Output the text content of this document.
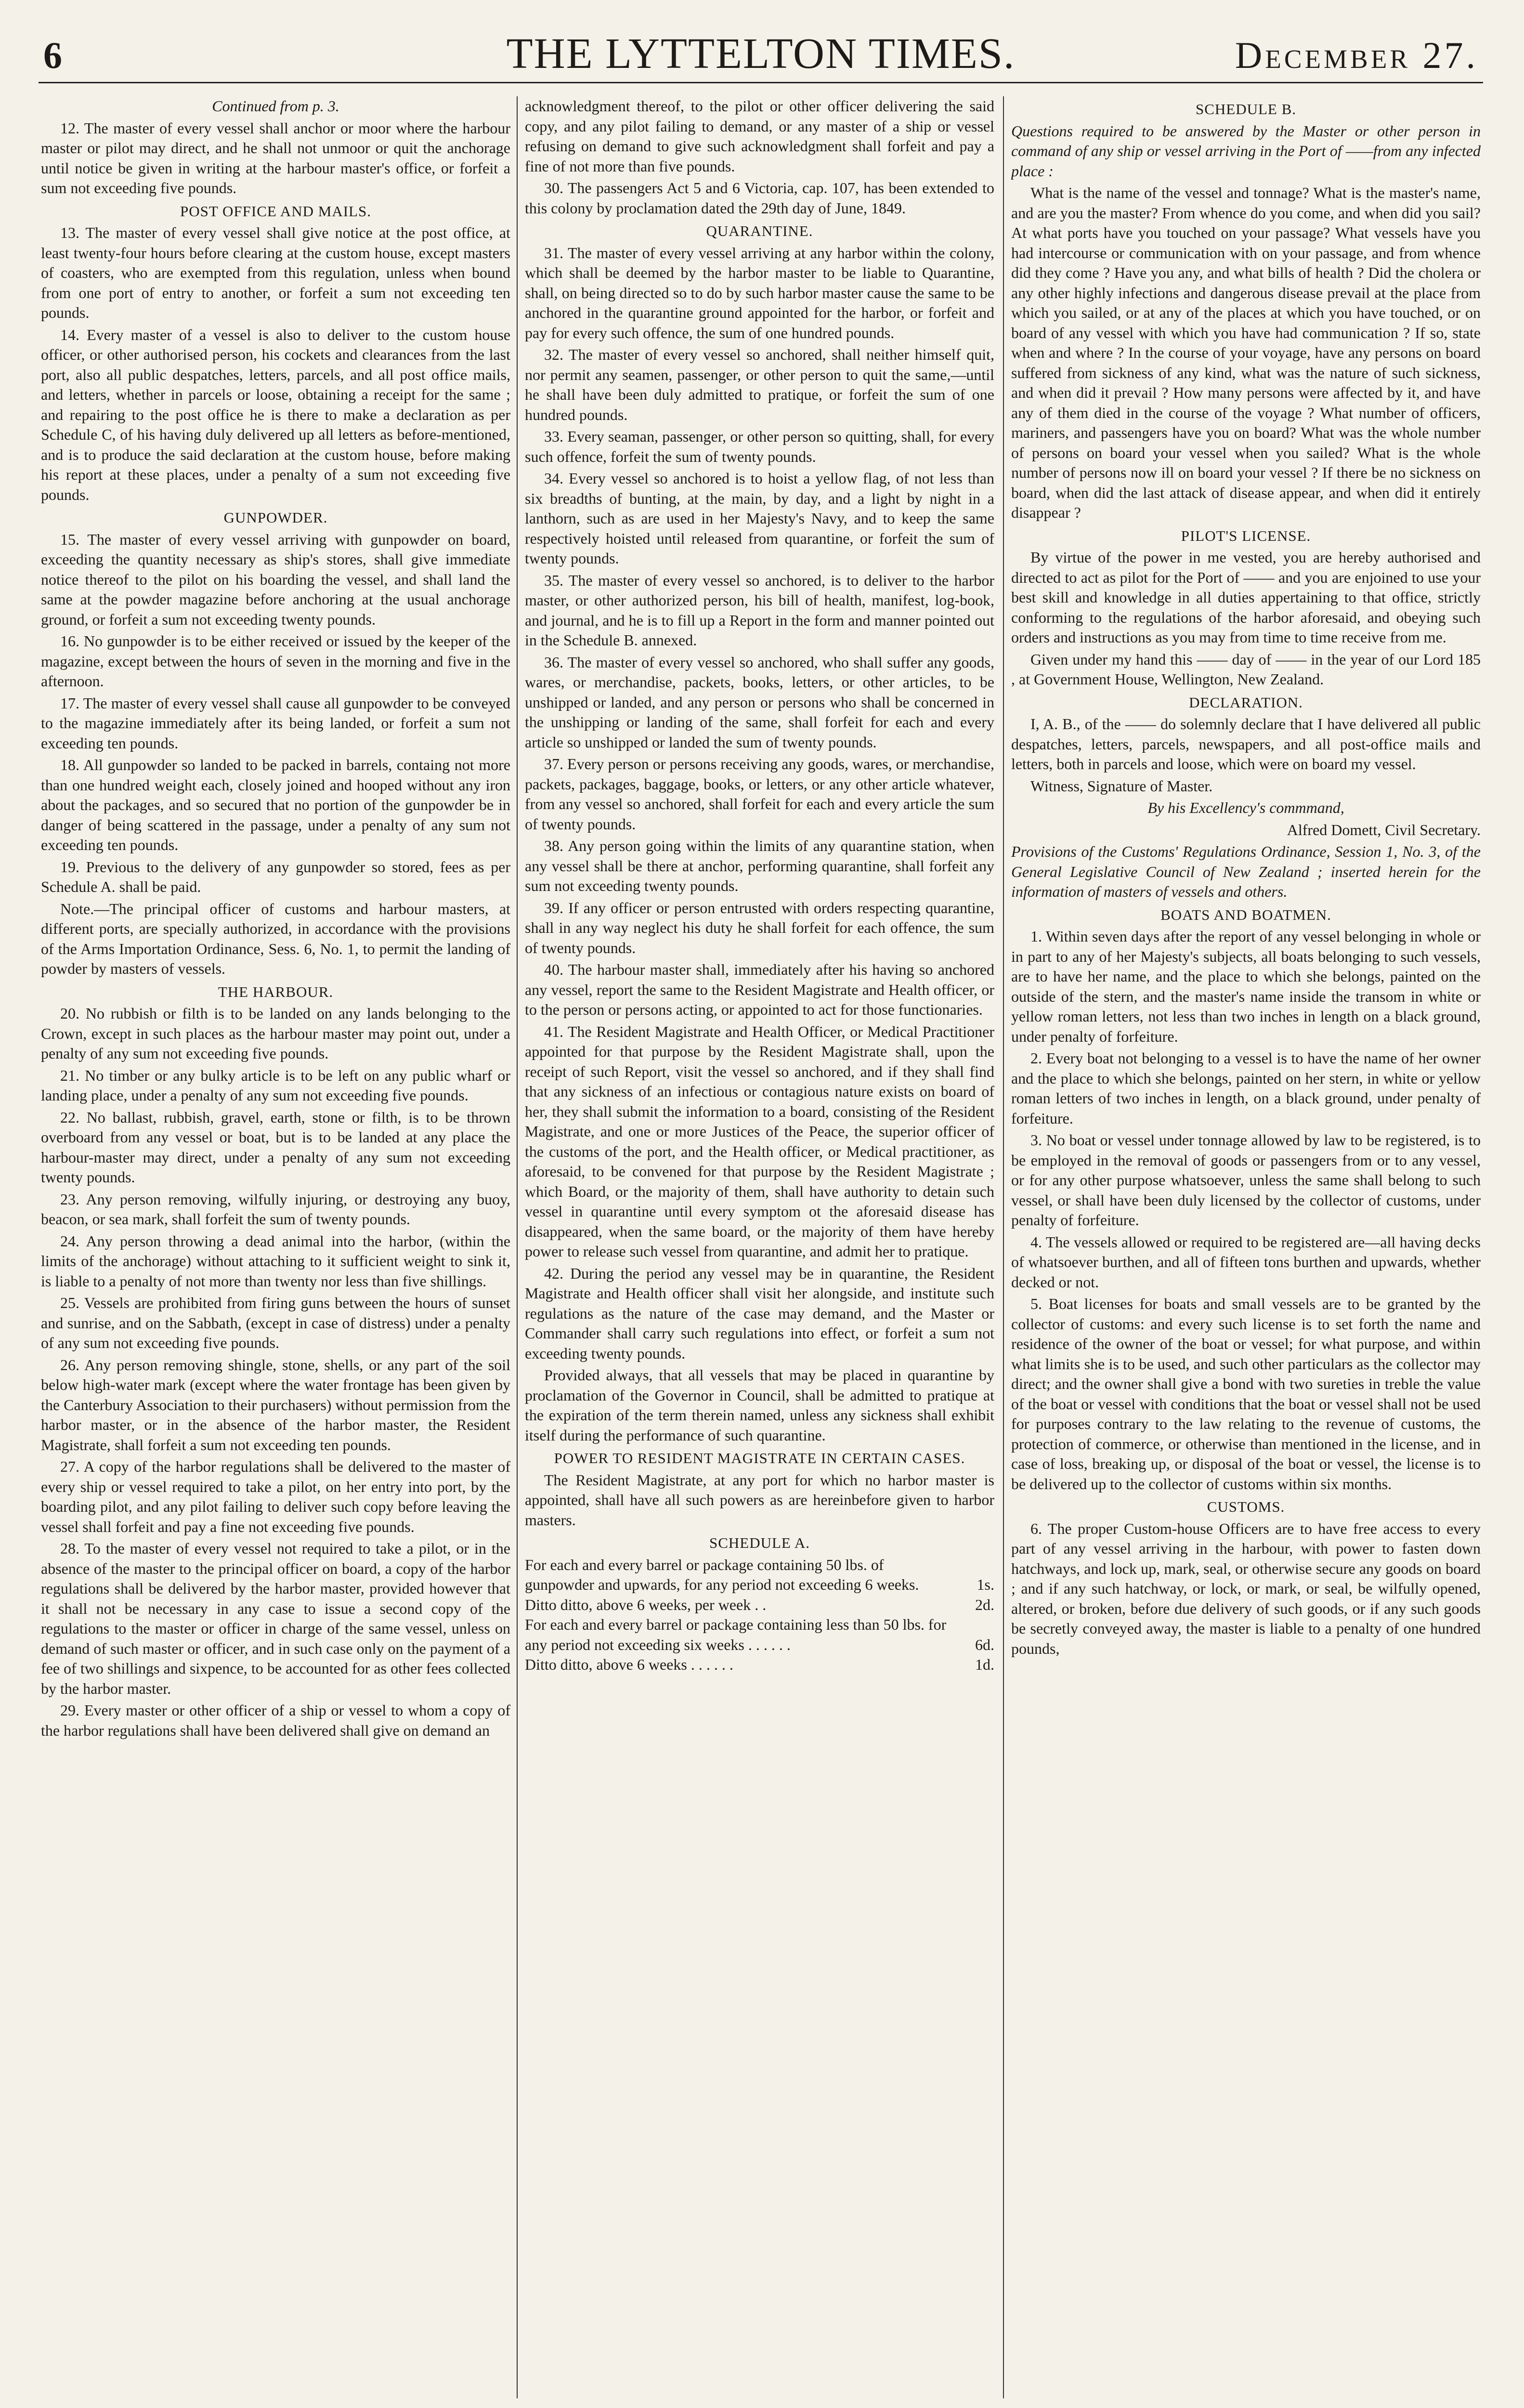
6	THE LYTTELTON TIMES.	December 27.

Continued from p. 3.

12. The master of every vessel shall anchor or moor where the harbour master or pilot may direct, and he shall not unmoor or quit the anchorage until notice be given in writing at the harbour master's office, or forfeit a sum not exceeding five pounds.

POST OFFICE AND MAILS.

13. The master of every vessel shall give notice at the post office, at least twenty-four hours before clearing at the custom house, except masters of coasters, who are exempted from this regulation, unless when bound from one port of entry to another, or forfeit a sum not exceeding ten pounds.

14. Every master of a vessel is also to deliver to the custom house officer, or other authorised person, his cockets and clearances from the last port, also all public despatches, letters, parcels, and all post office mails, and letters, whether in parcels or loose, obtaining a receipt for the same ; and repairing to the post office he is there to make a declaration as per Schedule C, of his having duly delivered up all letters as before-mentioned, and is to produce the said declaration at the custom house, before making his report at these places, under a penalty of a sum not exceeding five pounds.

GUNPOWDER.

15. The master of every vessel arriving with gunpowder on board, exceeding the quantity necessary as ship's stores, shall give immediate notice thereof to the pilot on his boarding the vessel, and shall land the same at the powder magazine before anchoring at the usual anchorage ground, or forfeit a sum not exceeding twenty pounds.

16. No gunpowder is to be either received or issued by the keeper of the magazine, except between the hours of seven in the morning and five in the afternoon.

17. The master of every vessel shall cause all gunpowder to be conveyed to the magazine immediately after its being landed, or forfeit a sum not exceeding ten pounds.

18. All gunpowder so landed to be packed in barrels, containg not more than one hundred weight each, closely joined and hooped without any iron about the packages, and so secured that no portion of the gunpowder be in danger of being scattered in the passage, under a penalty of any sum not exceeding ten pounds.

19. Previous to the delivery of any gunpowder so stored, fees as per Schedule A. shall be paid.

Note.—The principal officer of customs and harbour masters, at different ports, are specially authorized, in accordance with the provisions of the Arms Importation Ordinance, Sess. 6, No. 1, to permit the landing of powder by masters of vessels.

THE HARBOUR.

20. No rubbish or filth is to be landed on any lands belonging to the Crown, except in such places as the harbour master may point out, under a penalty of any sum not exceeding five pounds.

21. No timber or any bulky article is to be left on any public wharf or landing place, under a penalty of any sum not exceeding five pounds.

22. No ballast, rubbish, gravel, earth, stone or filth, is to be thrown overboard from any vessel or boat, but is to be landed at any place the harbour-master may direct, under a penalty of any sum not exceeding twenty pounds.

23. Any person removing, wilfully injuring, or destroying any buoy, beacon, or sea mark, shall forfeit the sum of twenty pounds.

24. Any person throwing a dead animal into the harbor, (within the limits of the anchorage) without attaching to it sufficient weight to sink it, is liable to a penalty of not more than twenty nor less than five shillings.

25. Vessels are prohibited from firing guns between the hours of sunset and sunrise, and on the Sabbath, (except in case of distress) under a penalty of any sum not exceeding five pounds.

26. Any person removing shingle, stone, shells, or any part of the soil below high-water mark (except where the water frontage has been given by the Canterbury Association to their purchasers) without permission from the harbor master, or in the absence of the harbor master, the Resident Magistrate, shall forfeit a sum not exceeding ten pounds.

27. A copy of the harbor regulations shall be delivered to the master of every ship or vessel required to take a pilot, on her entry into port, by the boarding pilot, and any pilot failing to deliver such copy before leaving the vessel shall forfeit and pay a fine not exceeding five pounds.

28. To the master of every vessel not required to take a pilot, or in the absence of the master to the principal officer on board, a copy of the harbor regulations shall be delivered by the harbor master, provided however that it shall not be necessary in any case to issue a second copy of the regulations to the master or officer in charge of the same vessel, unless on demand of such master or officer, and in such case only on the payment of a fee of two shillings and sixpence, to be accounted for as other fees collected by the harbor master.

29. Every master or other officer of a ship or vessel to whom a copy of the harbor regulations shall have been delivered shall give on demand an

acknowledgment thereof, to the pilot or other officer delivering the said copy, and any pilot failing to demand, or any master of a ship or vessel refusing on demand to give such acknowledgment shall forfeit and pay a fine of not more than five pounds.

30. The passengers Act 5 and 6 Victoria, cap. 107, has been extended to this colony by proclamation dated the 29th day of June, 1849.

QUARANTINE.

31. The master of every vessel arriving at any harbor within the colony, which shall be deemed by the harbor master to be liable to Quarantine, shall, on being directed so to do by such harbor master cause the same to be anchored in the quarantine ground appointed for the harbor, or forfeit and pay for every such offence, the sum of one hundred pounds.

32. The master of every vessel so anchored, shall neither himself quit, nor permit any seamen, passenger, or other person to quit the same,—until he shall have been duly admitted to pratique, or forfeit the sum of one hundred pounds.

33. Every seaman, passenger, or other person so quitting, shall, for every such offence, forfeit the sum of twenty pounds.

34. Every vessel so anchored is to hoist a yellow flag, of not less than six breadths of bunting, at the main, by day, and a light by night in a lanthorn, such as are used in her Majesty's Navy, and to keep the same respectively hoisted until released from quarantine, or forfeit the sum of twenty pounds.

35. The master of every vessel so anchored, is to deliver to the harbor master, or other authorized person, his bill of health, manifest, log-book, and journal, and he is to fill up a Report in the form and manner pointed out in the Schedule B. annexed.

36. The master of every vessel so anchored, who shall suffer any goods, wares, or merchandise, packets, books, letters, or other articles, to be unshipped or landed, and any person or persons who shall be concerned in the unshipping or landing of the same, shall forfeit for each and every article so unshipped or landed the sum of twenty pounds.

37. Every person or persons receiving any goods, wares, or merchandise, packets, packages, baggage, books, or letters, or any other article whatever, from any vessel so anchored, shall forfeit for each and every article the sum of twenty pounds.

38. Any person going within the limits of any quarantine station, when any vessel shall be there at anchor, performing quarantine, shall forfeit any sum not exceeding twenty pounds.

39. If any officer or person entrusted with orders respecting quarantine, shall in any way neglect his duty he shall forfeit for each offence, the sum of twenty pounds.

40. The harbour master shall, immediately after his having so anchored any vessel, report the same to the Resident Magistrate and Health officer, or to the person or persons acting, or appointed to act for those functionaries.

41. The Resident Magistrate and Health Officer, or Medical Practitioner appointed for that purpose by the Resident Magistrate shall, upon the receipt of such Report, visit the vessel so anchored, and if they shall find that any sickness of an infectious or contagious nature exists on board of her, they shall submit the information to a board, consisting of the Resident Magistrate, and one or more Justices of the Peace, the superior officer of the customs of the port, and the Health officer, or Medical practitioner, as aforesaid, to be convened for that purpose by the Resident Magistrate ; which Board, or the majority of them, shall have authority to detain such vessel in quarantine until every symptom ot the aforesaid disease has disappeared, when the same board, or the majority of them have hereby power to release such vessel from quarantine, and admit her to pratique.

42. During the period any vessel may be in quarantine, the Resident Magistrate and Health officer shall visit her alongside, and institute such regulations as the nature of the case may demand, and the Master or Commander shall carry such regulations into effect, or forfeit a sum not exceeding twenty pounds.

Provided always, that all vessels that may be placed in quarantine by proclamation of the Governor in Council, shall be admitted to pratique at the expiration of the term therein named, unless any sickness shall exhibit itself during the performance of such quarantine.

POWER TO RESIDENT MAGISTRATE IN CERTAIN CASES.

The Resident Magistrate, at any port for which no harbor master is appointed, shall have all such powers as are hereinbefore given to harbor masters.

SCHEDULE A.
For each and every barrel or package containing 50 lbs. of gunpowder and upwards, for any period not exceeding 6 weeks.	1s.
Ditto ditto, above 6 weeks, per week . .	2d.
For each and every barrel or package containing less than 50 lbs. for any period not exceeding six weeks . . . . . .	6d.
Ditto ditto, above 6 weeks . . . . . .	1d.
SCHEDULE B.

Questions required to be answered by the Master or other person in command of any ship or vessel arriving in the Port of ——from any infected place :

What is the name of the vessel and tonnage? What is the master's name, and are you the master? From whence do you come, and when did you sail? At what ports have you touched on your passage? What vessels have you had intercourse or communication with on your passage, and from whence did they come ? Have you any, and what bills of health ? Did the cholera or any other highly infections and dangerous disease prevail at the place from which you sailed, or at any of the places at which you have touched, or on board of any vessel with which you have had communication ? If so, state when and where ? In the course of your voyage, have any persons on board suffered from sickness of any kind, what was the nature of such sickness, and when did it prevail ? How many persons were affected by it, and have any of them died in the course of the voyage ? What number of officers, mariners, and passengers have you on board? What was the whole number of persons on board your vessel when you sailed? What is the whole number of persons now ill on board your vessel ? If there be no sickness on board, when did the last attack of disease appear, and when did it entirely disappear ?

PILOT'S LICENSE.

By virtue of the power in me vested, you are hereby authorised and directed to act as pilot for the Port of —— and you are enjoined to use your best skill and knowledge in all duties appertaining to that office, strictly conforming to the regulations of the harbor aforesaid, and obeying such orders and instructions as you may from time to time receive from me.

Given under my hand this —— day of —— in the year of our Lord 185 , at Government House, Wellington, New Zealand.

DECLARATION.

I, A. B., of the —— do solemnly declare that I have delivered all public despatches, letters, parcels, newspapers, and all post-office mails and letters, both in parcels and loose, which were on board my vessel.

Witness, Signature of Master.

By his Excellency's commmand,

Alfred Domett, Civil Secretary.

Provisions of the Customs' Regulations Ordinance, Session 1, No. 3, of the General Legislative Council of New Zealand ; inserted herein for the information of masters of vessels and others.

BOATS AND BOATMEN.

1. Within seven days after the report of any vessel belonging in whole or in part to any of her Majesty's subjects, all boats belonging to such vessels, are to have her name, and the place to which she belongs, painted on the outside of the stern, and the master's name inside the transom in white or yellow roman letters, not less than two inches in length on a black ground, under penalty of forfeiture.

2. Every boat not belonging to a vessel is to have the name of her owner and the place to which she belongs, painted on her stern, in white or yellow roman letters of two inches in length, on a black ground, under penalty of forfeiture.

3. No boat or vessel under tonnage allowed by law to be registered, is to be employed in the removal of goods or passengers from or to any vessel, or for any other purpose whatsoever, unless the same shall belong to such vessel, or shall have been duly licensed by the collector of customs, under penalty of forfeiture.

4. The vessels allowed or required to be registered are—all having decks of whatsoever burthen, and all of fifteen tons burthen and upwards, whether decked or not.

5. Boat licenses for boats and small vessels are to be granted by the collector of customs: and every such license is to set forth the name and residence of the owner of the boat or vessel; for what purpose, and within what limits she is to be used, and such other particulars as the collector may direct; and the owner shall give a bond with two sureties in treble the value of the boat or vessel with conditions that the boat or vessel shall not be used for purposes contrary to the law relating to the revenue of customs, the protection of commerce, or otherwise than mentioned in the license, and in case of loss, breaking up, or disposal of the boat or vessel, the license is to be delivered up to the collector of customs within six months.

CUSTOMS.

6. The proper Custom-house Officers are to have free access to every part of any vessel arriving in the harbour, with power to fasten down hatchways, and lock up, mark, seal, or otherwise secure any goods on board ; and if any such hatchway, or lock, or mark, or seal, be wilfully opened, altered, or broken, before due delivery of such goods, or if any such goods be secretly conveyed away, the master is liable to a penalty of one hundred pounds,
